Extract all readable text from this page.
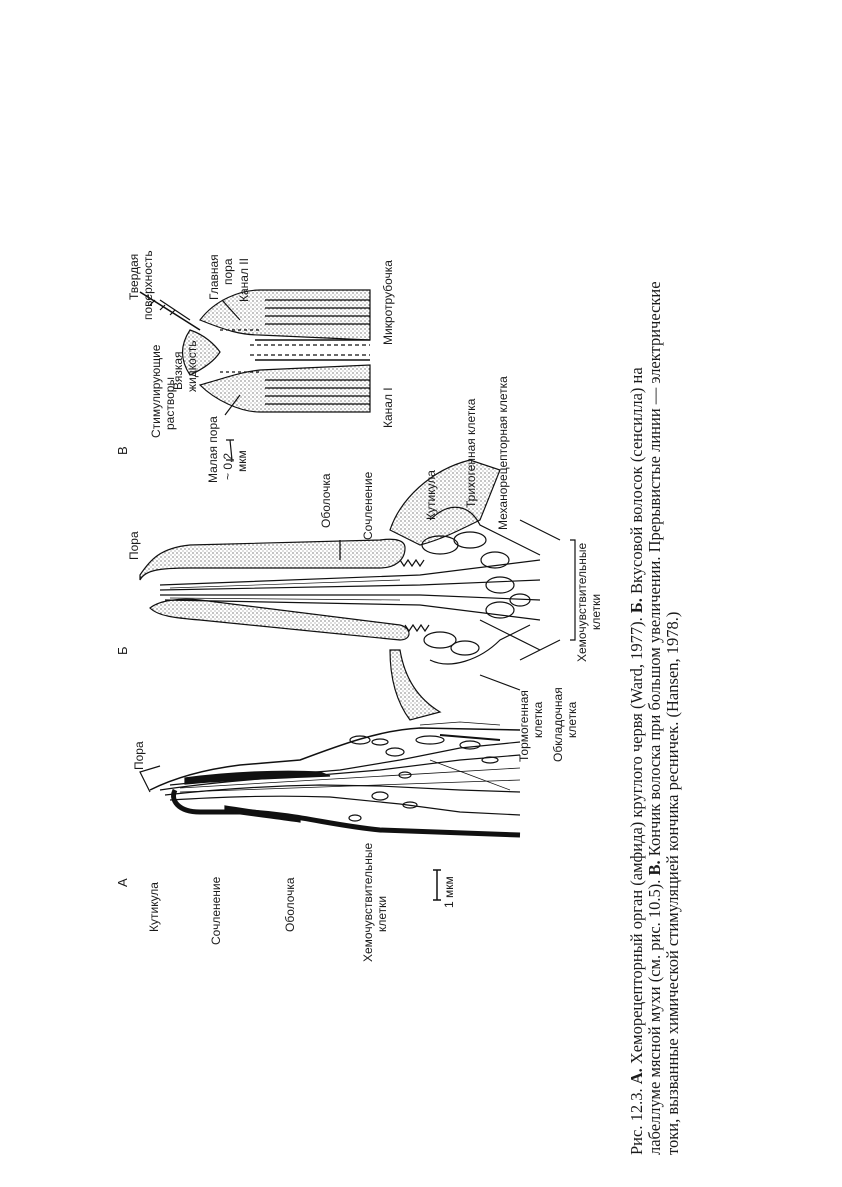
А
Б
В
Кутикула	Сочленение	Оболочка	Хемочувствительные клетки
Пора
1 мкм
Пора
Оболочка Сочленение	Кутикула Трихогенная клетка Механорецепторная клетка
Хемочувствительные клетки
Тормогенная клетка Обкладочная клетка
Твердая поверхность	Главная пора Канал II	Микротрубочка
Вязкая жидкость
Стимулирующие растворы
Малая пора ~ 0,2 мкм
Канал I
Рис. 12.3. А. Хеморецепторный орган (амфида) круглого червя (Ward, 1977). Б. Вкусовой волосок (сенсилла) на
лабеллуме мясной мухи (см. рис. 10.5). В. Кончик волоска при большом увеличении. Прерывистые линии — электрические
токи, вызванные химической стимуляцией кончика ресничек. (Hansen, 1978.)
